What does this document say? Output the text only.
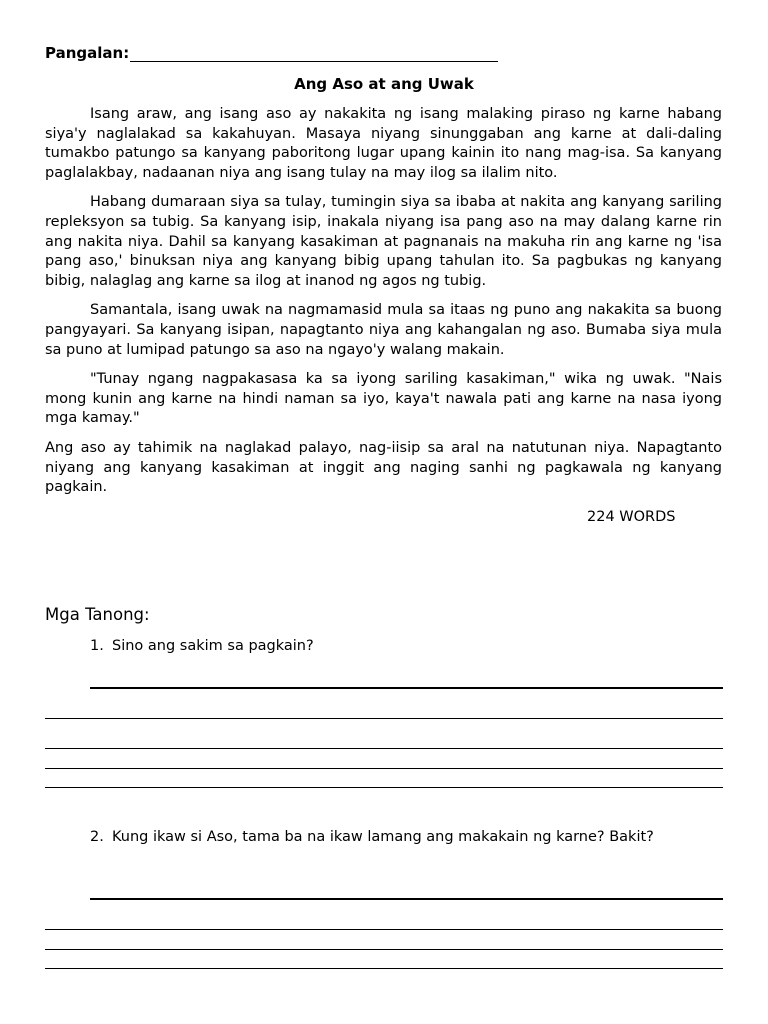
Pangalan:
Ang Aso at ang Uwak

Isang araw, ang isang aso ay nakakita ng isang malaking piraso ng karne habang siya'y naglalakad sa kakahuyan. Masaya niyang sinunggaban ang karne at dali-daling tumakbo patungo sa kanyang paboritong lugar upang kainin ito nang mag-isa. Sa kanyang paglalakbay, nadaanan niya ang isang tulay na may ilog sa ilalim nito.

Habang dumaraan siya sa tulay, tumingin siya sa ibaba at nakita ang kanyang sariling repleksyon sa tubig. Sa kanyang isip, inakala niyang isa pang aso na may dalang karne rin ang nakita niya. Dahil sa kanyang kasakiman at pagnanais na makuha rin ang karne ng 'isa pang aso,' binuksan niya ang kanyang bibig upang tahulan ito. Sa pagbukas ng kanyang bibig, nalaglag ang karne sa ilog at inanod ng agos ng tubig.

Samantala, isang uwak na nagmamasid mula sa itaas ng puno ang nakakita sa buong pangyayari. Sa kanyang isipan, napagtanto niya ang kahangalan ng aso. Bumaba siya mula sa puno at lumipad patungo sa aso na ngayo'y walang makain.

"Tunay ngang nagpakasasa ka sa iyong sariling kasakiman," wika ng uwak. "Nais mong kunin ang karne na hindi naman sa iyo, kaya't nawala pati ang karne na nasa iyong mga kamay."

Ang aso ay tahimik na naglakad palayo, nag-iisip sa aral na natutunan niya. Napagtanto niyang ang kanyang kasakiman at inggit ang naging sanhi ng pagkawala ng kanyang pagkain.

224 WORDS
Mga Tanong:
1. Sino ang sakim sa pagkain?
2. Kung ikaw si Aso, tama ba na ikaw lamang ang makakain ng karne? Bakit?
